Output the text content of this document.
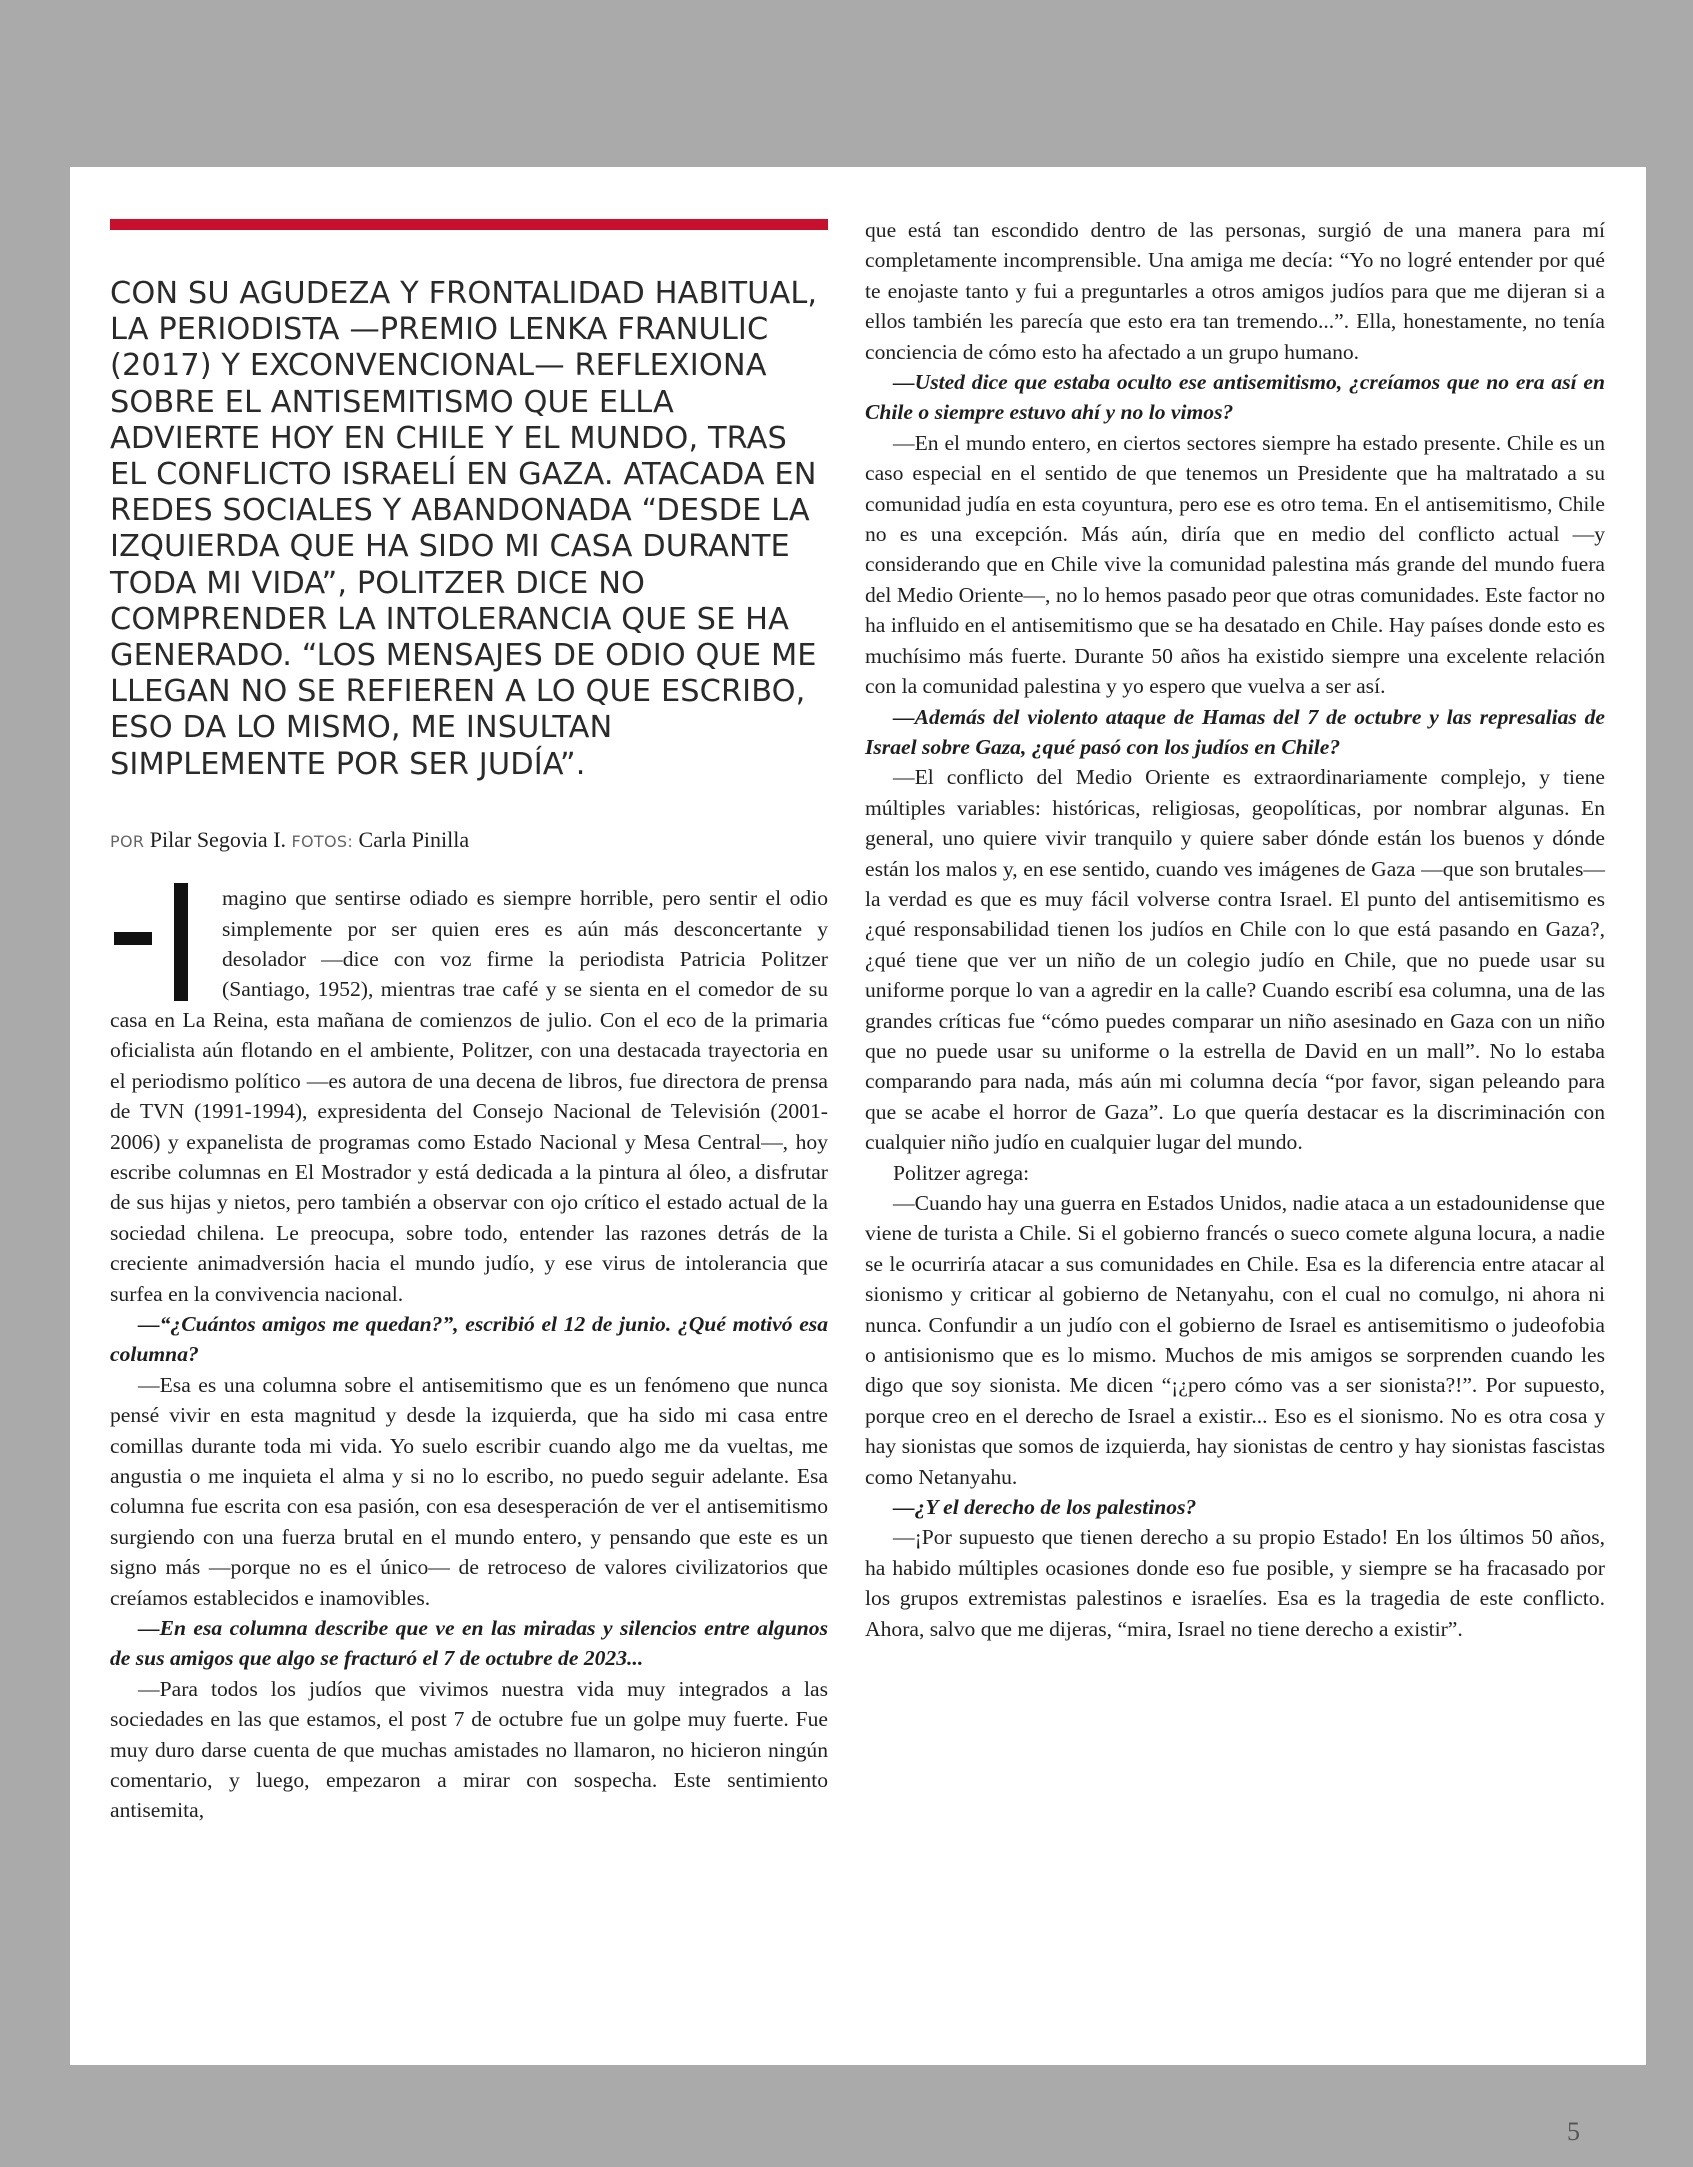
CON SU AGUDEZA Y FRONTALIDAD HABITUAL, LA PERIODISTA —PREMIO LENKA FRANULIC (2017) Y EXCONVENCIONAL— REFLEXIONA SOBRE EL ANTISEMITISMO QUE ELLA ADVIERTE HOY EN CHILE Y EL MUNDO, TRAS EL CONFLICTO ISRAELÍ EN GAZA. ATACADA EN REDES SOCIALES Y ABANDONADA “DESDE LA IZQUIERDA QUE HA SIDO MI CASA DURANTE TODA MI VIDA”, POLITZER DICE NO COMPRENDER LA INTOLERANCIA QUE SE HA GENERADO. “LOS MENSAJES DE ODIO QUE ME LLEGAN NO SE REFIEREN A LO QUE ESCRIBO, ESO DA LO MISMO, ME INSULTAN SIMPLEMENTE POR SER JUDÍA”.
POR Pilar Segovia I. FOTOS: Carla Pinilla

magino que sentirse odiado es siempre horrible, pero sentir el odio simplemente por ser quien eres es aún más desconcertante y desolador —dice con voz firme la periodista Patricia Politzer (Santiago, 1952), mientras trae café y se sienta en el comedor de su casa en La Reina, esta mañana de comienzos de julio. Con el eco de la primaria oficialista aún flotando en el ambiente, Politzer, con una destacada trayectoria en el periodismo político —es autora de una decena de libros, fue directora de prensa de TVN (1991-1994), expresidenta del Consejo Nacional de Televisión (2001-2006) y expanelista de programas como Estado Nacional y Mesa Central—, hoy escribe columnas en El Mostrador y está dedicada a la pintura al óleo, a disfrutar de sus hijas y nietos, pero también a observar con ojo crítico el estado actual de la sociedad chilena. Le preocupa, sobre todo, entender las razones detrás de la creciente animadversión hacia el mundo judío, y ese virus de intolerancia que surfea en la convivencia nacional.

—“¿Cuántos amigos me quedan?”, escribió el 12 de junio. ¿Qué motivó esa columna?

—Esa es una columna sobre el antisemitismo que es un fenómeno que nunca pensé vivir en esta magnitud y desde la izquierda, que ha sido mi casa entre comillas durante toda mi vida. Yo suelo escribir cuando algo me da vueltas, me angustia o me inquieta el alma y si no lo escribo, no puedo seguir adelante. Esa columna fue escrita con esa pasión, con esa desesperación de ver el antisemitismo surgiendo con una fuerza brutal en el mundo entero, y pensando que este es un signo más —porque no es el único— de retroceso de valores civilizatorios que creíamos establecidos e inamovibles.

—En esa columna describe que ve en las miradas y silencios entre algunos de sus amigos que algo se fracturó el 7 de octubre de 2023...

—Para todos los judíos que vivimos nuestra vida muy integrados a las sociedades en las que estamos, el post 7 de octubre fue un golpe muy fuerte. Fue muy duro darse cuenta de que muchas amistades no llamaron, no hicieron ningún comentario, y luego, empezaron a mirar con sospecha. Este sentimiento antisemita,

que está tan escondido dentro de las personas, surgió de una manera para mí completamente incomprensible. Una amiga me decía: “Yo no logré entender por qué te enojaste tanto y fui a preguntarles a otros amigos judíos para que me dijeran si a ellos también les parecía que esto era tan tremendo...”. Ella, honestamente, no tenía conciencia de cómo esto ha afectado a un grupo humano.

—Usted dice que estaba oculto ese antisemitismo, ¿creíamos que no era así en Chile o siempre estuvo ahí y no lo vimos?

—En el mundo entero, en ciertos sectores siempre ha estado presente. Chile es un caso especial en el sentido de que tenemos un Presidente que ha maltratado a su comunidad judía en esta coyuntura, pero ese es otro tema. En el antisemitismo, Chile no es una excepción. Más aún, diría que en medio del conflicto actual —y considerando que en Chile vive la comunidad palestina más grande del mundo fuera del Medio Oriente—, no lo hemos pasado peor que otras comunidades. Este factor no ha influido en el antisemitismo que se ha desatado en Chile. Hay países donde esto es muchísimo más fuerte. Durante 50 años ha existido siempre una excelente relación con la comunidad palestina y yo espero que vuelva a ser así.

—Además del violento ataque de Hamas del 7 de octubre y las represalias de Israel sobre Gaza, ¿qué pasó con los judíos en Chile?

—El conflicto del Medio Oriente es extraordinariamente complejo, y tiene múltiples variables: históricas, religiosas, geopolíticas, por nombrar algunas. En general, uno quiere vivir tranquilo y quiere saber dónde están los buenos y dónde están los malos y, en ese sentido, cuando ves imágenes de Gaza —que son brutales— la verdad es que es muy fácil volverse contra Israel. El punto del antisemitismo es ¿qué responsabilidad tienen los judíos en Chile con lo que está pasando en Gaza?, ¿qué tiene que ver un niño de un colegio judío en Chile, que no puede usar su uniforme porque lo van a agredir en la calle? Cuando escribí esa columna, una de las grandes críticas fue “cómo puedes comparar un niño asesinado en Gaza con un niño que no puede usar su uniforme o la estrella de David en un mall”. No lo estaba comparando para nada, más aún mi columna decía “por favor, sigan peleando para que se acabe el horror de Gaza”. Lo que quería destacar es la discriminación con cualquier niño judío en cualquier lugar del mundo.

Politzer agrega:

—Cuando hay una guerra en Estados Unidos, nadie ataca a un estadounidense que viene de turista a Chile. Si el gobierno francés o sueco comete alguna locura, a nadie se le ocurriría atacar a sus comunidades en Chile. Esa es la diferencia entre atacar al sionismo y criticar al gobierno de Netanyahu, con el cual no comulgo, ni ahora ni nunca. Confundir a un judío con el gobierno de Israel es antisemitismo o judeofobia o antisionismo que es lo mismo. Muchos de mis amigos se sorprenden cuando les digo que soy sionista. Me dicen “¡¿pero cómo vas a ser sionista?!”. Por supuesto, porque creo en el derecho de Israel a existir... Eso es el sionismo. No es otra cosa y hay sionistas que somos de izquierda, hay sionistas de centro y hay sionistas fascistas como Netanyahu.

—¿Y el derecho de los palestinos?

—¡Por supuesto que tienen derecho a su propio Estado! En los últimos 50 años, ha habido múltiples ocasiones donde eso fue posible, y siempre se ha fracasado por los grupos extremistas palestinos e israelíes. Esa es la tragedia de este conflicto. Ahora, salvo que me dijeras, “mira, Israel no tiene derecho a existir”.

5
